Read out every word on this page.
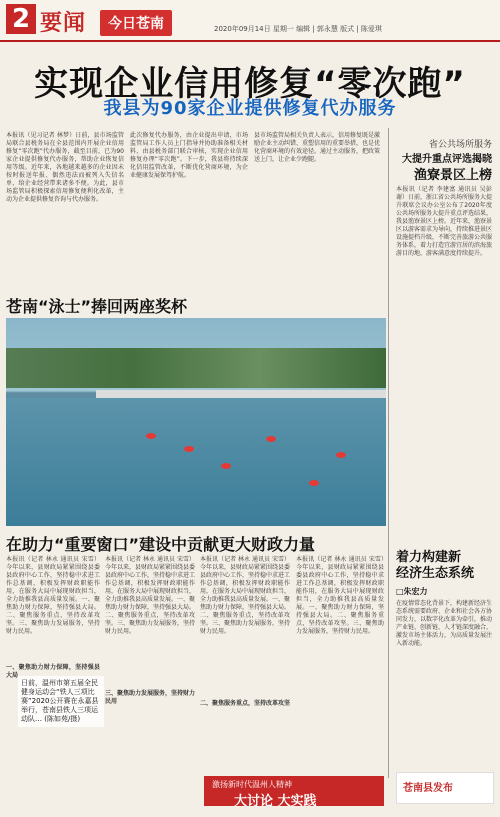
2 要闻	今日苍南	2020年09月14日 星期一 编辑 | 郭永慧 版式 | 陈爱琪
实现企业信用修复“零次跑”
我县为90家企业提供修复代办服务
本报讯（见习记者 林梦）日前，县市场监管局联合县税务局在全县范围内开展企业信用修复“零次跑”代办服务，截至目前，已为90家企业提供修复代办服务，帮助企业恢复信用等级。近年来，各地越来越多的企业因未按时报送年报、偶然违法而被列入失信名单，给企业经营带来诸多不便。为此，县市场监管局积极探索信用修复便利化改革，主动为企业提供修复咨询与代办服务。
此次修复代办服务，由企业提出申请，市场监管局工作人员上门指导并协助准备相关材料，由县税务部门联合审核，实现企业信用修复办理“零次跑”。下一步，我县将持续深化信用监管改革，不断优化营商环境，为企业健康发展保驾护航。
县市场监管局相关负责人表示，信用修复既是激励企业主动纠错、重塑信用的重要举措，也是优化营商环境的有效途径。通过主动服务，把政策送上门，让企业少跑腿。
省公共场所服务
大提升重点评选揭晓
渔寮景区上榜
本报讯（记者 李建富 通讯员 吴彭谢）日前，浙江省公共场所服务大提升联席会议办公室公布了2020年度公共场所服务大提升重点评选结果，我县渔寮景区上榜。近年来，渔寮景区以游客需求为导向，持续推进景区设施提档升级，不断完善旅游公共服务体系，着力打造宜游宜居的滨海旅游目的地，游客满意度持续提升。
苍南“泳士”捧回两座奖杯
日前，温州市第五届全民健身运动会“铁人三项比赛”2020公开赛在永嘉县举行，苍南县铁人三项运动队… (陈如苑/摄)
在助力“重要窗口”建设中贡献更大财政力量
本报讯（记者 林永 通讯员 宋雪）今年以来，县财政局紧紧围绕县委县政府中心工作，坚持稳中求进工作总基调，积极发挥财政职能作用，在服务大局中展现财政担当，全力助推我县高质量发展。一、聚焦助力财力保障，坚持强县大局。二、聚焦服务重点，坚持改革攻坚。三、聚焦助力发展服务，坚持财力民用。
一、聚焦助力财力保障，坚持强县大局
本报讯（记者 林永 通讯员 宋雪）今年以来，县财政局紧紧围绕县委县政府中心工作，坚持稳中求进工作总基调，积极发挥财政职能作用，在服务大局中展现财政担当，全力助推我县高质量发展。一、聚焦助力财力保障，坚持强县大局。二、聚焦服务重点，坚持改革攻坚。三、聚焦助力发展服务，坚持财力民用。
本报讯（记者 林永 通讯员 宋雪）今年以来，县财政局紧紧围绕县委县政府中心工作，坚持稳中求进工作总基调，积极发挥财政职能作用，在服务大局中展现财政担当，全力助推我县高质量发展。一、聚焦助力财力保障，坚持强县大局。二、聚焦服务重点，坚持改革攻坚。三、聚焦助力发展服务，坚持财力民用。
本报讯（记者 林永 通讯员 宋雪）今年以来，县财政局紧紧围绕县委县政府中心工作，坚持稳中求进工作总基调，积极发挥财政职能作用，在服务大局中展现财政担当，全力助推我县高质量发展。一、聚焦助力财力保障，坚持强县大局。二、聚焦服务重点，坚持改革攻坚。三、聚焦助力发展服务，坚持财力民用。
二、聚焦服务重点，坚持改革攻坚
三、聚焦助力发展服务，坚持财力民用
激扬新时代温州人精神
大讨论 大实践
着力构建新
经济生态系统
□朱宏力
在疫情常态化背景下，构建新经济生态系统需要政府、企业和社会各方协同发力，以数字化改革为牵引，推动产业链、创新链、人才链深度融合，激发市场主体活力，为高质量发展注入新动能。
苍南县发布
